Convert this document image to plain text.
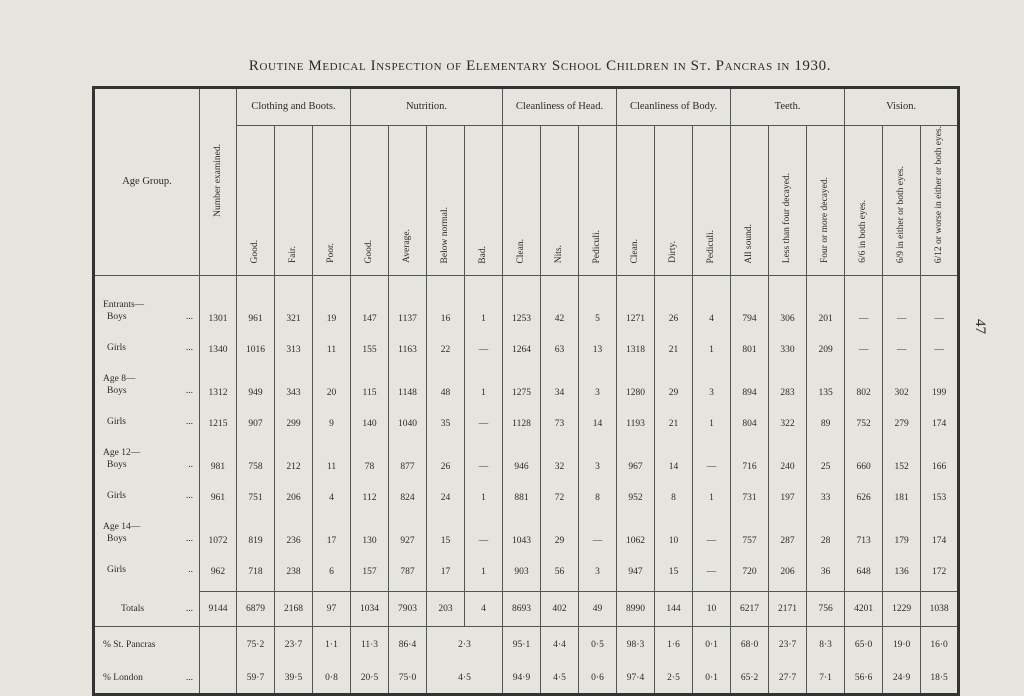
Routine Medical Inspection of Elementary School Children in St. Pancras in 1930.
47
Age Group.	Number examined.	Clothing and Boots.			Nutrition.				Cleanliness of Head.			Cleanliness of Body.			Teeth.			Vision.		
		Good.	Fair.	Poor.	Good.	Average.	Below normal.	Bad.	Clean.	Nits.	Pediculi.	Clean.	Dirty.	Pediculi.	All sound.	Less than four decayed.	Four or more decayed.	6/6 in both eyes.	6/9 in either or both eyes.	6/12 or worse in either or both eyes.

Entrants—
Boys ...	1301	961	321	19	147	1137	16	1	1253	42	5	1271	26	4	794	306	201	—	—	—
Girls ...	1340	1016	313	11	155	1163	22	—	1264	63	13	1318	21	1	801	330	209	—	—	—

Age 8—
Boys ...	1312	949	343	20	115	1148	48	1	1275	34	3	1280	29	3	894	283	135	802	302	199
Girls ...	1215	907	299	9	140	1040	35	—	1128	73	14	1193	21	1	804	322	89	752	279	174

Age 12—
Boys ..	981	758	212	11	78	877	26	—	946	32	3	967	14	—	716	240	25	660	152	166
Girls ...	961	751	206	4	112	824	24	1	881	72	8	952	8	1	731	197	33	626	181	153

Age 14—
Boys ...	1072	819	236	17	130	927	15	—	1043	29	—	1062	10	—	757	287	28	713	179	174
Girls ..	962	718	238	6	157	787	17	1	903	56	3	947	15	—	720	206	36	648	136	172

Totals ...	9144	6879	2168	97	1034	7903	203	4	8693	402	49	8990	144	10	6217	2171	756	4201	1229	1038
% St. Pancras		75·2	23·7	1·1	11·3	86·4	2·3		95·1	4·4	0·5	98·3	1·6	0·1	68·0	23·7	8·3	65·0	19·0	16·0
% London ...		59·7	39·5	0·8	20·5	75·0	4·5		94·9	4·5	0·6	97·4	2·5	0·1	65·2	27·7	7·1	56·6	24·9	18·5
